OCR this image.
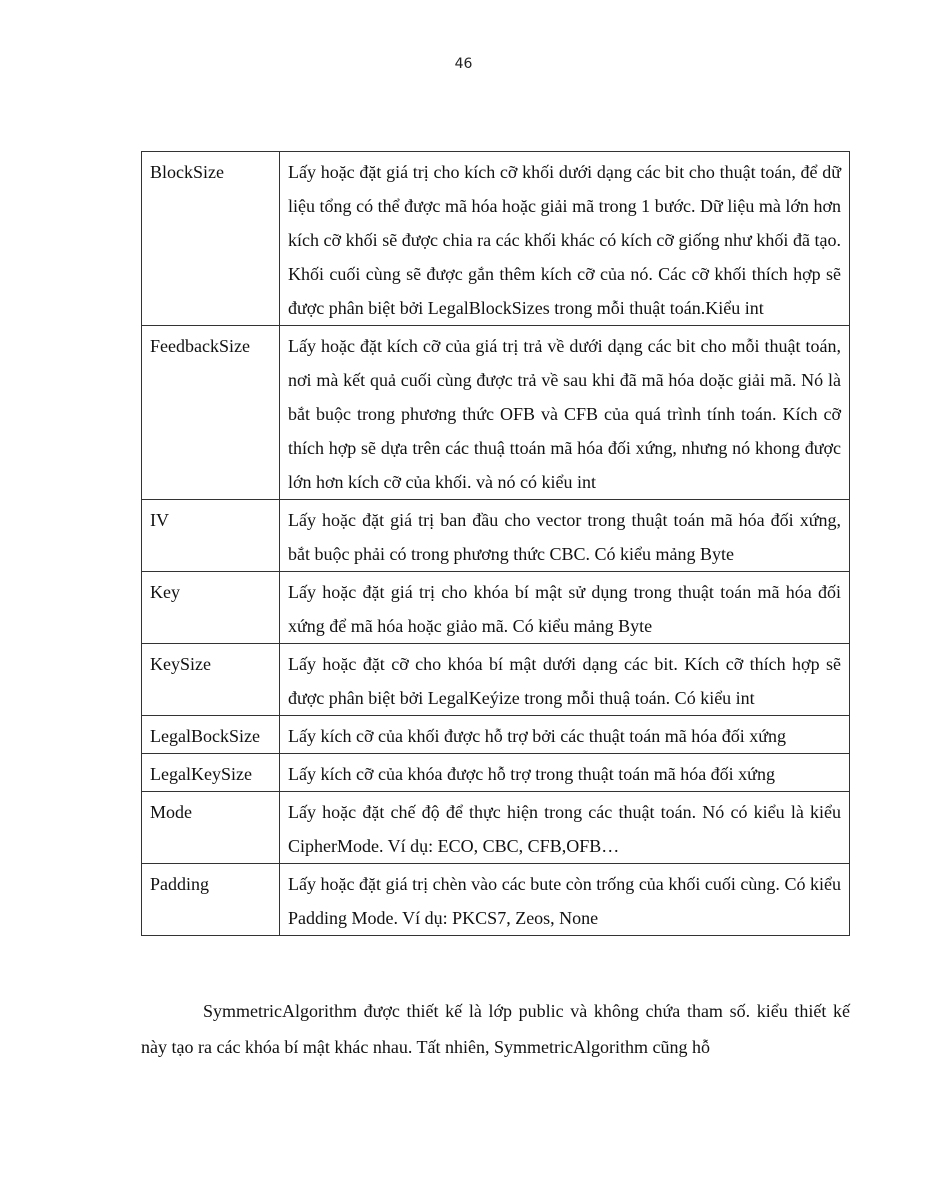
46
BlockSize	Lấy hoặc đặt giá trị cho kích cỡ khối dưới dạng các bit cho thuật toán, để dữ liệu tổng có thể được mã hóa hoặc giải mã trong 1 bước. Dữ liệu mà lớn hơn kích cỡ khối sẽ được chia ra các khối khác có kích cỡ giống như khối đã tạo. Khối cuối cùng sẽ được gắn thêm kích cỡ của nó. Các cỡ khối thích hợp sẽ được phân biệt bởi LegalBlockSizes trong mỗi thuật toán.Kiểu int
FeedbackSize	Lấy hoặc đặt kích cỡ của giá trị trả về dưới dạng các bit cho mỗi thuật toán, nơi mà kết quả cuối cùng được trả về sau khi đã mã hóa doặc giải mã. Nó là bắt buộc trong phương thức OFB và CFB của quá trình tính toán. Kích cỡ thích hợp sẽ dựa trên các thuậ ttoán mã hóa đối xứng, nhưng nó khong được lớn hơn kích cỡ của khối. và nó có kiểu int
IV	Lấy hoặc đặt giá trị ban đầu cho vector trong thuật toán mã hóa đối xứng, bắt buộc phải có trong phương thức CBC. Có kiểu mảng Byte
Key	Lấy hoặc đặt giá trị cho khóa bí mật sử dụng trong thuật toán mã hóa đối xứng để mã hóa hoặc giảo mã. Có kiểu mảng Byte
KeySize	Lấy hoặc đặt cỡ cho khóa bí mật dưới dạng các bit. Kích cỡ thích hợp sẽ được phân biệt bởi LegalKeýize trong mỗi thuậ toán. Có kiểu int
LegalBockSize	Lấy kích cỡ của khối được hỗ trợ bởi các thuật toán mã hóa đối xứng
LegalKeySize	Lấy kích cỡ của khóa được hỗ trợ trong thuật toán mã hóa đối xứng
Mode	Lấy hoặc đặt chế độ để thực hiện trong các thuật toán. Nó có kiểu là kiểu CipherMode. Ví dụ: ECO, CBC, CFB,OFB…
Padding	Lấy hoặc đặt giá trị chèn vào các bute còn trống của khối cuối cùng. Có kiểu Padding Mode. Ví dụ: PKCS7, Zeos, None

SymmetricAlgorithm được thiết kế là lớp public và không chứa tham số. kiểu thiết kế này tạo ra các khóa bí mật khác nhau. Tất nhiên, SymmetricAlgorithm cũng hỗ
